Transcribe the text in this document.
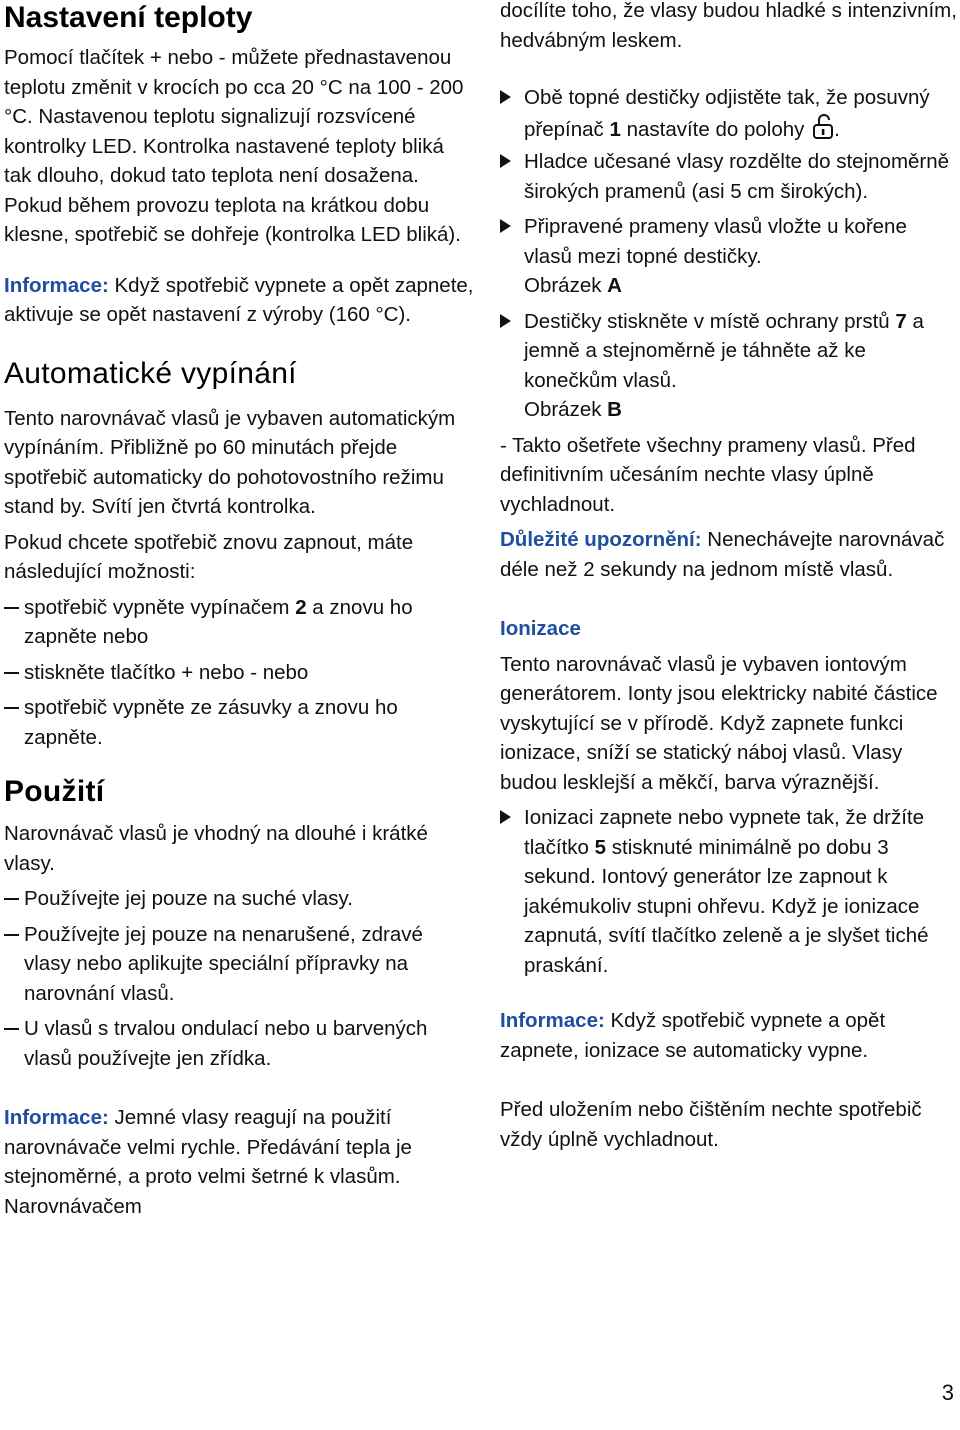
Nastavení teploty

Pomocí tlačítek + nebo - můžete přednastavenou teplotu změnit v krocích po cca 20 °C na 100 - 200 °C. Nastavenou teplotu signalizují rozsvícené kontrolky LED. Kontrolka nastavené teploty bliká tak dlouho, dokud tato teplota není dosažena. Pokud během provozu teplota na krátkou dobu klesne, spotřebič se dohřeje (kontrolka LED bliká).

Informace: Když spotřebič vypnete a opět zapnete, aktivuje se opět nastavení z výroby (160 °C).

Automatické vypínání

Tento narovnávač vlasů je vybaven automatickým vypínáním. Přibližně po 60 minutách přejde spotřebič automaticky do pohotovostního režimu stand by. Svítí jen čtvrtá kontrolka.

Pokud chcete spotřebič znovu zapnout, máte následující možnosti:

spotřebič vypněte vypínačem 2 a znovu ho zapněte nebo

stiskněte tlačítko + nebo - nebo

spotřebič vypněte ze zásuvky a znovu ho zapněte.

Použití

Narovnávač vlasů je vhodný na dlouhé i krátké vlasy.

Používejte jej pouze na suché vlasy.

Používejte jej pouze na nenarušené, zdravé vlasy nebo aplikujte speciální přípravky na narovnání vlasů.

U vlasů s trvalou ondulací nebo u barvených vlasů používejte jen zřídka.

Informace: Jemné vlasy reagují na použití narovnávače velmi rychle. Předávání tepla je stejnoměrné, a proto velmi šetrné k vlasům. Narovnávačem

docílíte toho, že vlasy budou hladké s intenzivním, hedvábným leskem.

Obě topné destičky odjistěte tak, že posuvný přepínač 1 nastavíte do polohy .

Hladce učesané vlasy rozdělte do stejnoměrně širokých pramenů (asi 5 cm širokých).

Připravené prameny vlasů vložte u kořene vlasů mezi topné destičky.
Obrázek A

Destičky stiskněte v místě ochrany prstů 7 a jemně a stejnoměrně je táhněte až ke konečkům vlasů.
Obrázek B

- Takto ošetřete všechny prameny vlasů. Před definitivním učesáním nechte vlasy úplně vychladnout.

Důležité upozornění: Nenechávejte narovnávač déle než 2 sekundy na jednom místě vlasů.

Ionizace

Tento narovnávač vlasů je vybaven iontovým generátorem. Ionty jsou elektricky nabité částice vyskytující se v přírodě. Když zapnete funkci ionizace, sníží se statický náboj vlasů. Vlasy budou lesklejší a měkčí, barva výraznější.

Ionizaci zapnete nebo vypnete tak, že držíte tlačítko 5 stisknuté minimálně po dobu 3 sekund. Iontový generátor lze zapnout k jakémukoliv stupni ohřevu. Když je ionizace zapnutá, svítí tlačítko zeleně a je slyšet tiché praskání.

Informace: Když spotřebič vypnete a opět zapnete, ionizace se automaticky vypne.

Před uložením nebo čištěním nechte spotřebič vždy úplně vychladnout.

3
